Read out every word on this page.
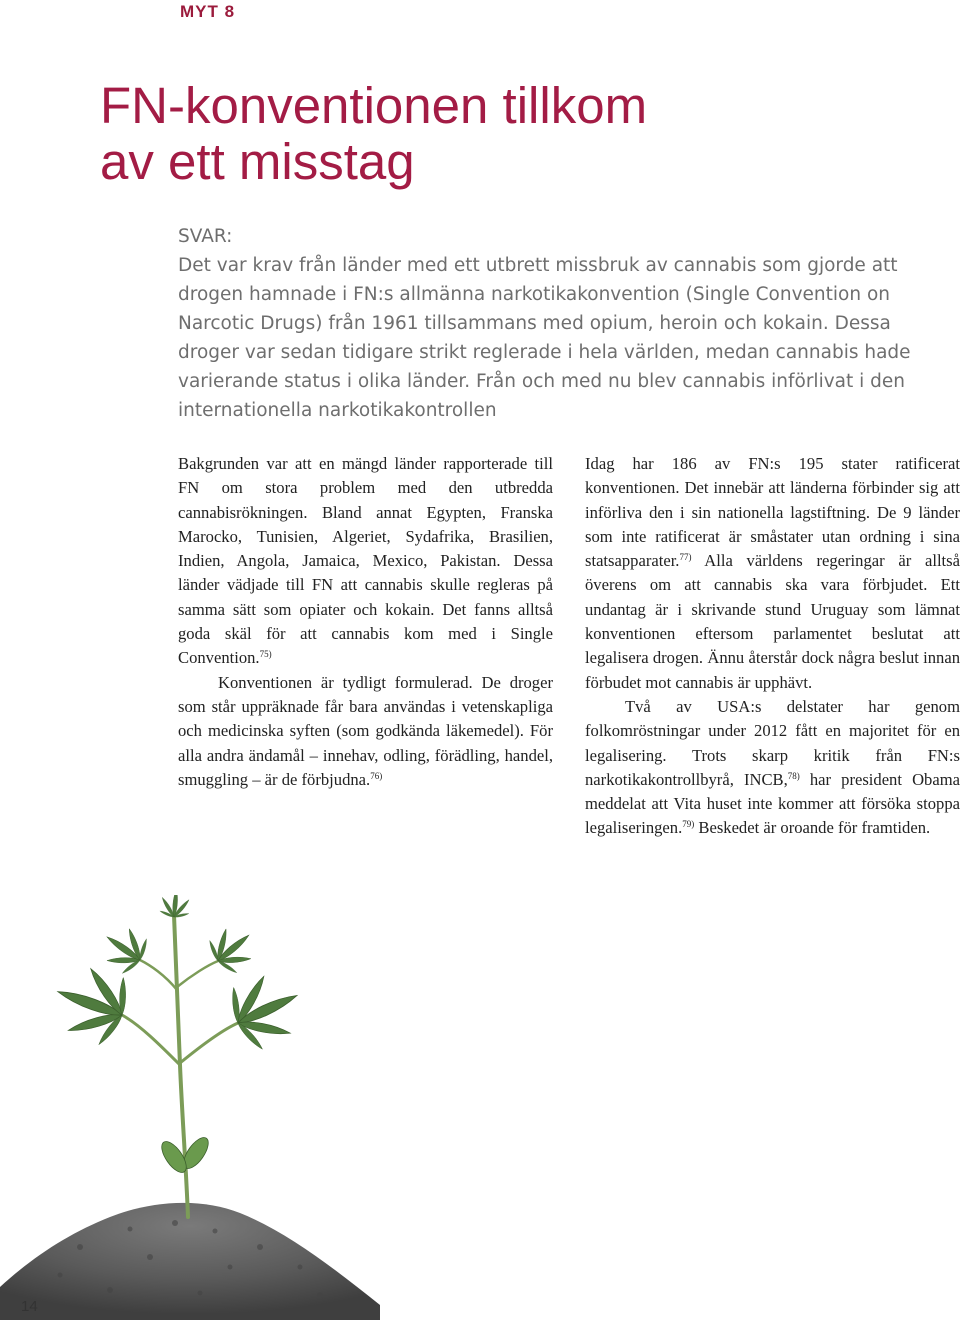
MYT 8
FN-konventionen tillkom
av ett misstag
SVAR:
Det var krav från länder med ett utbrett missbruk av cannabis som gjorde att drogen hamnade i FN:s allmänna narkotikakonvention (Single Convention on Narcotic Drugs) från 1961 tillsammans med opium, heroin och kokain. Dessa droger var sedan tidigare strikt reglerade i hela världen, medan cannabis hade varierande status i olika länder. Från och med nu blev cannabis införlivat i den internationella narkotikakontrollen

Bakgrunden var att en mängd länder rapporterade till FN om stora problem med den utbredda cannabisrökningen. Bland annat Egypten, Franska Marocko, Tunisien, Algeriet, Sydafrika, Brasilien, Indien, Angola, Jamaica, Mexico, Pakistan. Dessa länder vädjade till FN att cannabis skulle regleras på samma sätt som opiater och kokain. Det fanns alltså goda skäl för att cannabis kom med i Single Convention.$^{75)}$

Konventionen är tydligt formulerad. De droger som står uppräknade får bara användas i vetenskapliga och medicinska syften (som godkända läkemedel). För alla andra ändamål – innehav, odling, förädling, handel, smuggling – är de förbjudna.$^{76)}$

Idag har 186 av FN:s 195 stater ratificerat konventionen. Det innebär att länderna förbinder sig att införliva den i sin nationella lagstiftning. De 9 länder som inte ratificerat är småstater utan ordning i sina statsapparater.$^{77)}$ Alla världens regeringar är alltså överens om att cannabis ska vara förbjudet. Ett undantag är i skrivande stund Uruguay som lämnat konventionen eftersom parlamentet beslutat att legalisera drogen. Ännu återstår dock några beslut innan förbudet mot cannabis är upphävt.

Två av USA:s delstater har genom folkomröstningar under 2012 fått en majoritet för en legalisering. Trots skarp kritik från FN:s narkotikakontrollbyrå, INCB,$^{78)}$ har president Obama meddelat att Vita huset inte kommer att försöka stoppa legaliseringen.$^{79)}$ Beskedet är oroande för framtiden.

14
